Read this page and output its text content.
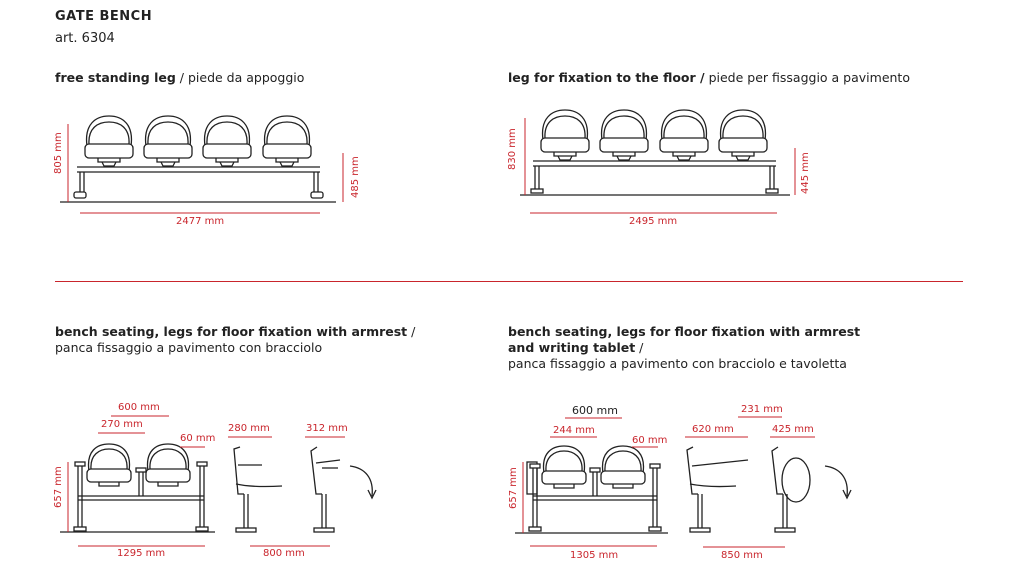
GATE BENCH
art. 6304
free standing leg / piede da appoggio	leg for fixation to the floor / piede per fissaggio a pavimento
bench seating, legs for floor fixation with armrest /
panca fissaggio a pavimento con bracciolo
bench seating, legs for floor fixation with armrest
and writing tablet /
panca fissaggio a pavimento con bracciolo e tavoletta
805 mm
485 mm
2477 mm
830 mm
445 mm
2495 mm
600 mm
270 mm
60 mm
280 mm	312 mm
657 mm
1295 mm	800 mm
600 mm
244 mm
60 mm
620 mm
231 mm
425 mm
657 mm
1305 mm	850 mm
